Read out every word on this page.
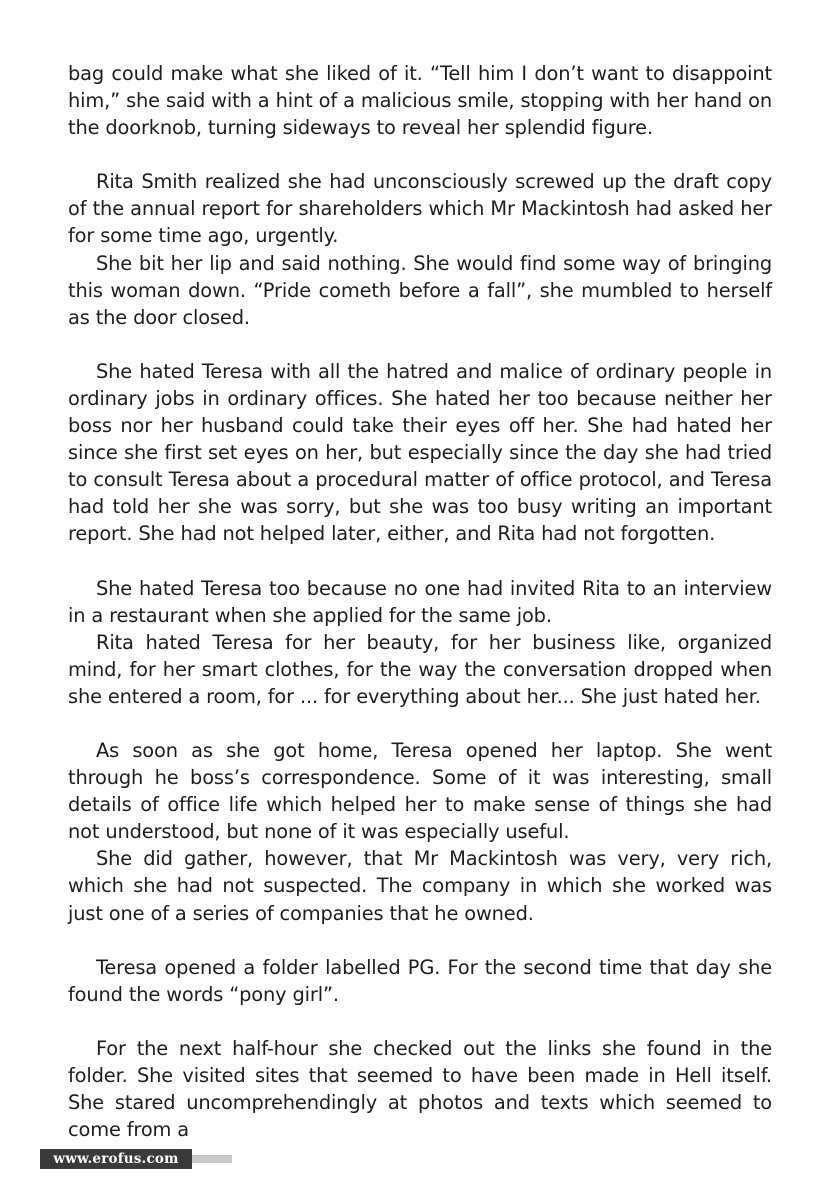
bag could make what she liked of it. “Tell him I don’t want to disappoint him,” she said with a hint of a malicious smile, stopping with her hand on the doorknob, turning sideways to reveal her splendid figure.

Rita Smith realized she had unconsciously screwed up the draft copy of the annual report for shareholders which Mr Mackintosh had asked her for some time ago, urgently.

She bit her lip and said nothing. She would find some way of bringing this woman down. “Pride cometh before a fall”, she mumbled to herself as the door closed.

She hated Teresa with all the hatred and malice of ordinary people in ordinary jobs in ordinary offices. She hated her too because neither her boss nor her husband could take their eyes off her. She had hated her since she first set eyes on her, but especially since the day she had tried to consult Teresa about a procedural matter of office protocol, and Teresa had told her she was sorry, but she was too busy writing an important report. She had not helped later, either, and Rita had not forgotten.

She hated Teresa too because no one had invited Rita to an interview in a restaurant when she applied for the same job.

Rita hated Teresa for her beauty, for her business like, organized mind, for her smart clothes, for the way the conversation dropped when she entered a room, for ... for everything about her... She just hated her.

As soon as she got home, Teresa opened her laptop. She went through he boss’s correspondence. Some of it was interesting, small details of office life which helped her to make sense of things she had not understood, but none of it was especially useful.

She did gather, however, that Mr Mackintosh was very, very rich, which she had not suspected. The company in which she worked was just one of a series of companies that he owned.

Teresa opened a folder labelled PG. For the second time that day she found the words “pony girl”.

For the next half-hour she checked out the links she found in the folder. She visited sites that seemed to have been made in Hell itself. She stared uncomprehendingly at photos and texts which seemed to come from a

www.erofus.com
